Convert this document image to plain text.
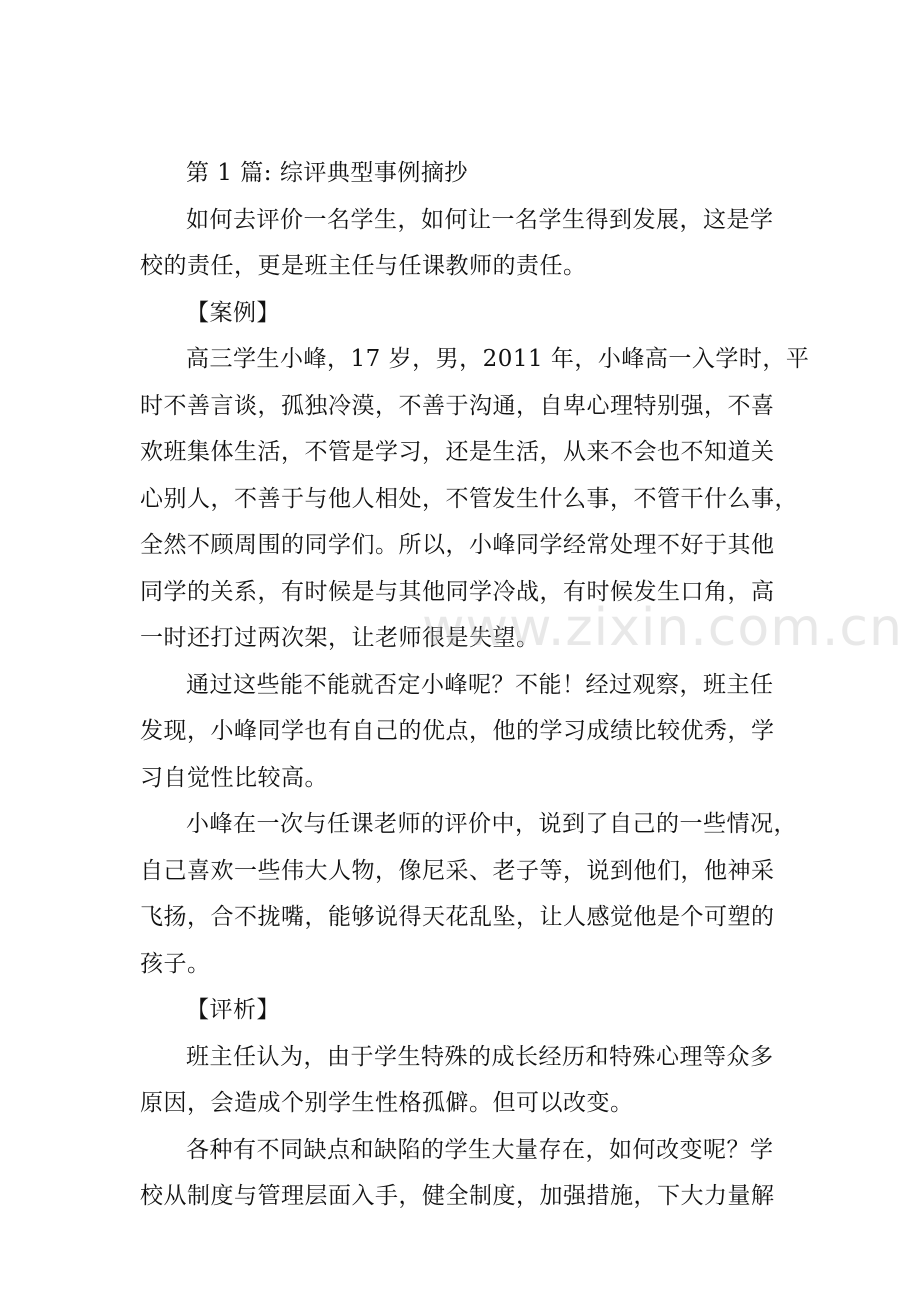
第 1 篇: 综评典型事例摘抄
如何去评价一名学生，如何让一名学生得到发展，这是学
校的责任，更是班主任与任课教师的责任。
【案例】
高三学生小峰，17 岁，男，2011 年，小峰高一入学时，平
时不善言谈，孤独冷漠，不善于沟通，自卑心理特别强，不喜
欢班集体生活，不管是学习，还是生活，从来不会也不知道关
心别人，不善于与他人相处，不管发生什么事，不管干什么事，
全然不顾周围的同学们。所以，小峰同学经常处理不好于其他
同学的关系，有时候是与其他同学冷战，有时候发生口角，高
一时还打过两次架，让老师很是失望。
通过这些能不能就否定小峰呢？不能！经过观察，班主任
发现，小峰同学也有自己的优点，他的学习成绩比较优秀，学
习自觉性比较高。
小峰在一次与任课老师的评价中，说到了自己的一些情况，
自己喜欢一些伟大人物，像尼采、老子等，说到他们，他神采
飞扬，合不拢嘴，能够说得天花乱坠，让人感觉他是个可塑的
孩子。
【评析】
班主任认为，由于学生特殊的成长经历和特殊心理等众多
原因，会造成个别学生性格孤僻。但可以改变。
各种有不同缺点和缺陷的学生大量存在，如何改变呢？学
校从制度与管理层面入手，健全制度，加强措施，下大力量解
www.zixin.com.cn
